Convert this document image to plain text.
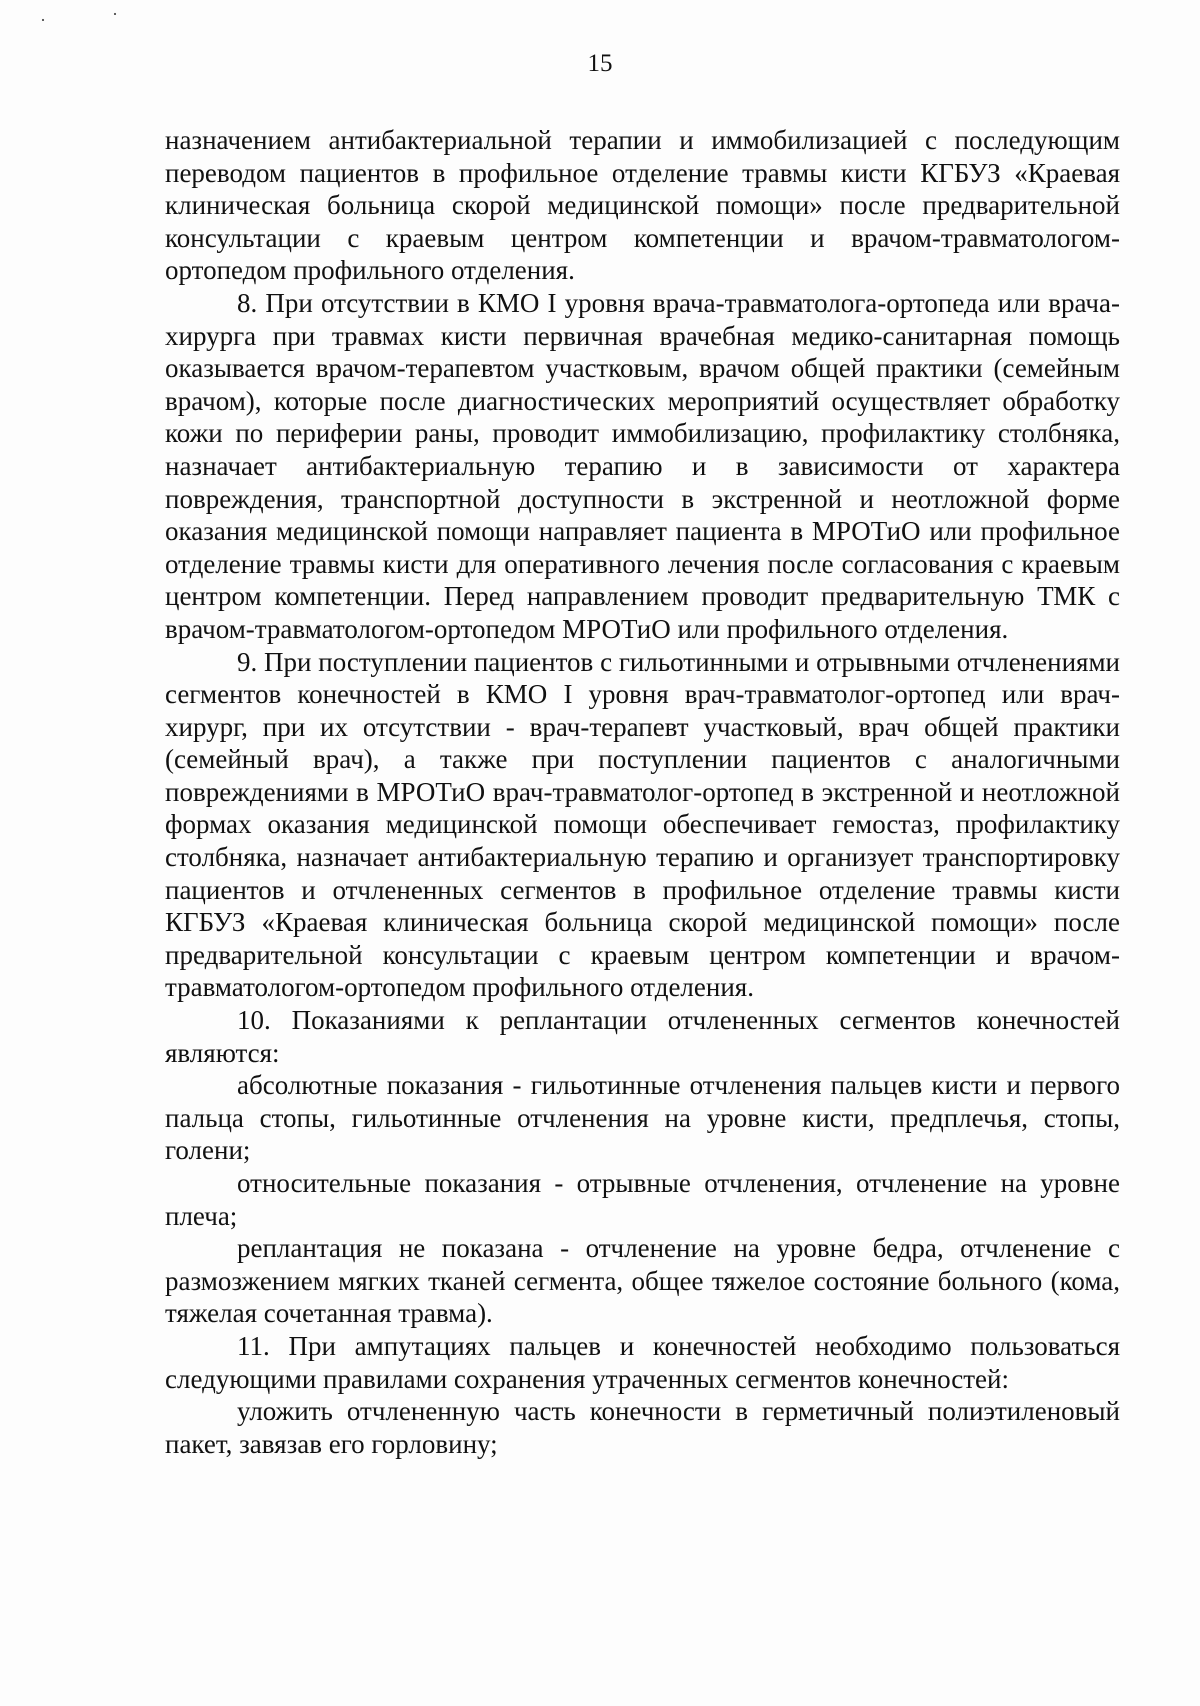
·	·
15

назначением антибактериальной терапии и иммобилизацией с последующим переводом пациентов в профильное отделение травмы кисти КГБУЗ «Краевая клиническая больница скорой медицинской помощи» после предварительной консультации с краевым центром компетенции и врачом-травматологом-ортопедом профильного отделения.

8. При отсутствии в КМО I уровня врача-травматолога-ортопеда или врача-хирурга при травмах кисти первичная врачебная медико-санитарная помощь оказывается врачом-терапевтом участковым, врачом общей практики (семейным врачом), которые после диагностических мероприятий осуществляет обработку кожи по периферии раны, проводит иммобилизацию, профилактику столбняка, назначает антибактериальную терапию и в зависимости от характера повреждения, транспортной доступности в экстренной и неотложной форме оказания медицинской помощи направляет пациента в МРОТиО или профильное отделение травмы кисти для оперативного лечения после согласования с краевым центром компетенции. Перед направлением проводит предварительную ТМК с врачом-травматологом-ортопедом МРОТиО или профильного отделения.

9. При поступлении пациентов с гильотинными и отрывными отчленениями сегментов конечностей в КМО I уровня врач-травматолог-ортопед или врач-хирург, при их отсутствии - врач-терапевт участковый, врач общей практики (семейный врач), а также при поступлении пациентов с аналогичными повреждениями в МРОТиО врач-травматолог-ортопед в экстренной и неотложной формах оказания медицинской помощи обеспечивает гемостаз, профилактику столбняка, назначает антибактериальную терапию и организует транспортировку пациентов и отчлененных сегментов в профильное отделение травмы кисти КГБУЗ «Краевая клиническая больница скорой медицинской помощи» после предварительной консультации с краевым центром компетенции и врачом-травматологом-ортопедом профильного отделения.

10. Показаниями к реплантации отчлененных сегментов конечностей являются:

абсолютные показания - гильотинные отчленения пальцев кисти и первого пальца стопы, гильотинные отчленения на уровне кисти, предплечья, стопы, голени;

относительные показания - отрывные отчленения, отчленение на уровне плеча;

реплантация не показана - отчленение на уровне бедра, отчленение с размозжением мягких тканей сегмента, общее тяжелое состояние больного (кома, тяжелая сочетанная травма).

11. При ампутациях пальцев и конечностей необходимо пользоваться следующими правилами сохранения утраченных сегментов конечностей:

уложить отчлененную часть конечности в герметичный полиэтиленовый пакет, завязав его горловину;
